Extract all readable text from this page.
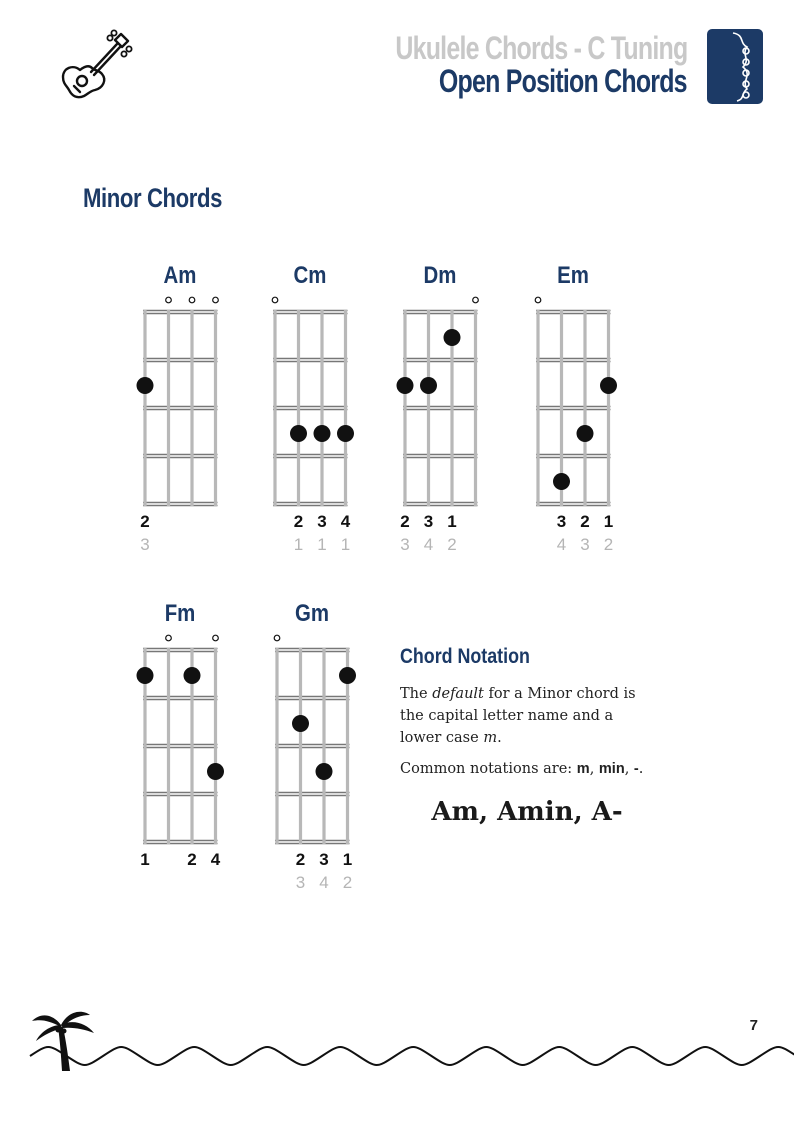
Ukulele Chords - C Tuning
Open Position Chords
Minor Chords
Am
2
3
Cm
2
1
3
1
4
1
Dm
2
3
3
4
1
2
Em
3
4
2
3
1
2
Fm
1	2 4
Gm
2
3
3
4
1
2
Chord Notation
The default for a Minor chord is the capital letter name and a lower case m.
Common notations are: m, min, -.
Am, Amin, A-
7
